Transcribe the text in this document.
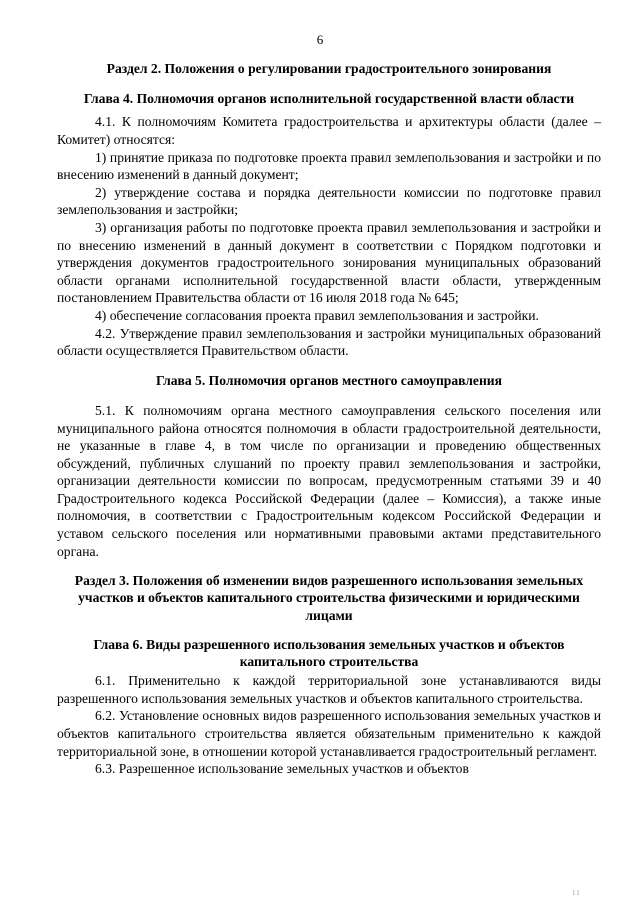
6
Раздел 2. Положения о регулировании градостроительного зонирования
Глава 4. Полномочия органов исполнительной государственной власти области

4.1. К полномочиям Комитета градостроительства и архитектуры области (далее – Комитет) относятся:

1) принятие приказа по подготовке проекта правил землепользования и застройки и по внесению изменений в данный документ;

2) утверждение состава и порядка деятельности комиссии по подготовке правил землепользования и застройки;

3) организация работы по подготовке проекта правил землепользования и застройки и по внесению изменений в данный документ в соответствии с Порядком подготовки и утверждения документов градостроительного зонирования муниципальных образований области органами исполнительной государственной власти области, утвержденным постановлением Правительства области от 16 июля 2018 года № 645;

4) обеспечение согласования проекта правил землепользования и застройки.

4.2. Утверждение правил землепользования и застройки муниципальных образований области осуществляется Правительством области.

Глава 5. Полномочия органов местного самоуправления

5.1. К полномочиям органа местного самоуправления сельского поселения или муниципального района относятся полномочия в области градостроительной деятельности, не указанные в главе 4, в том числе по организации и проведению общественных обсуждений, публичных слушаний по проекту правил землепользования и застройки, организации деятельности комиссии по вопросам, предусмотренным статьями 39 и 40 Градостроительного кодекса Российской Федерации (далее – Комиссия), а также иные полномочия, в соответствии с Градостроительным кодексом Российской Федерации и уставом сельского поселения или нормативными правовыми актами представительного органа.

Раздел 3. Положения об изменении видов разрешенного использования земельных участков и объектов капитального строительства физическими и юридическими лицами
Глава 6. Виды разрешенного использования земельных участков и объектов капитального строительства

6.1. Применительно к каждой территориальной зоне устанавливаются виды разрешенного использования земельных участков и объектов капитального строительства.

6.2. Установление основных видов разрешенного использования земельных участков и объектов капитального строительства является обязательным применительно к каждой территориальной зоне, в отношении которой устанавливается градостроительный регламент.

6.3. Разрешенное использование земельных участков и объектов

11
